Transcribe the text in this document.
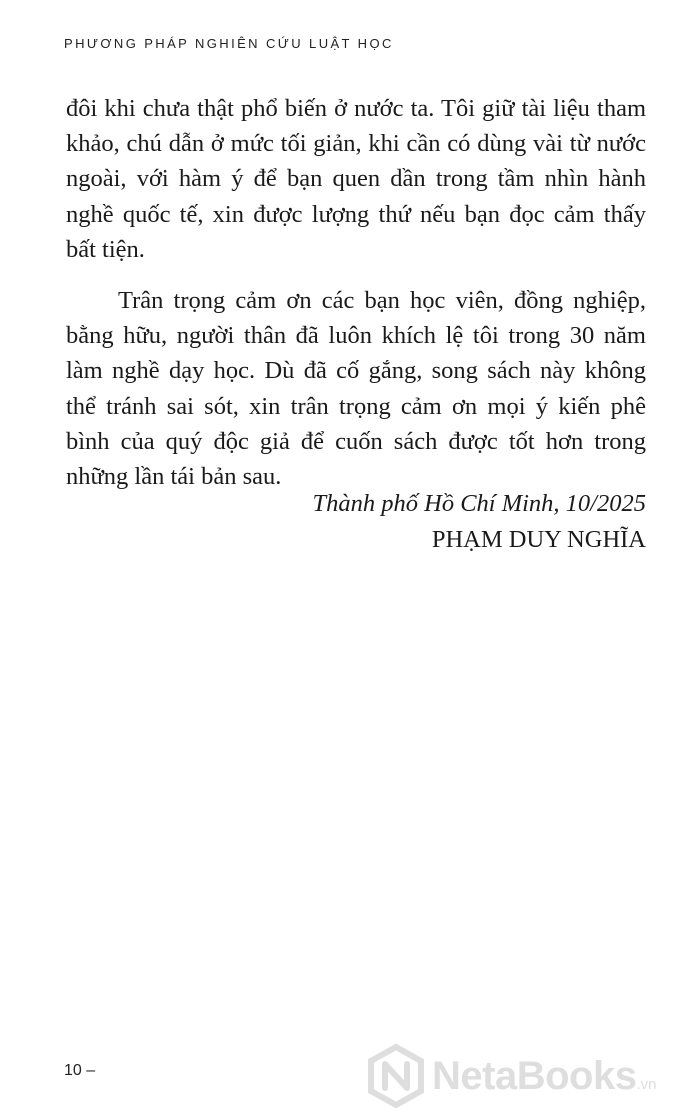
PHƯƠNG PHÁP NGHIÊN CỨU LUẬT HỌC

đôi khi chưa thật phổ biến ở nước ta. Tôi giữ tài liệu tham khảo, chú dẫn ở mức tối giản, khi cần có dùng vài từ nước ngoài, với hàm ý để bạn quen dần trong tầm nhìn hành nghề quốc tế, xin được lượng thứ nếu bạn đọc cảm thấy bất tiện.

Trân trọng cảm ơn các bạn học viên, đồng nghiệp, bằng hữu, người thân đã luôn khích lệ tôi trong 30 năm làm nghề dạy học. Dù đã cố gắng, song sách này không thể tránh sai sót, xin trân trọng cảm ơn mọi ý kiến phê bình của quý độc giả để cuốn sách được tốt hơn trong những lần tái bản sau.

Thành phố Hồ Chí Minh, 10/2025
PHẠM DUY NGHĨA
10 –	NetaBooks.vn
